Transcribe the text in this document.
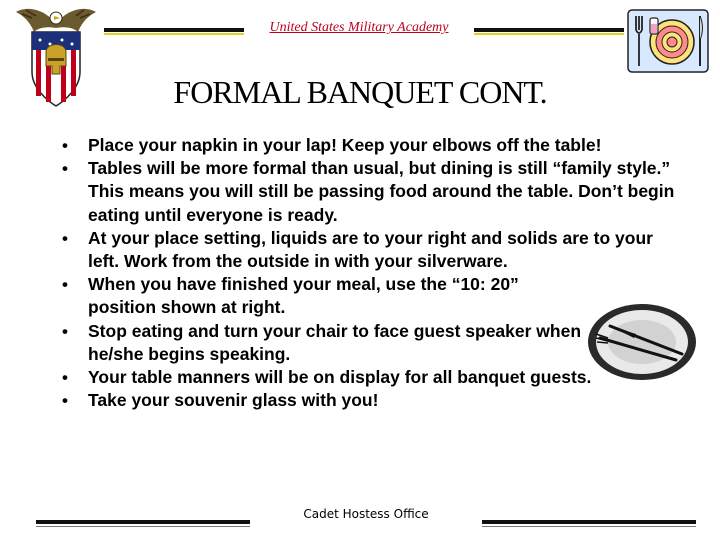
United States Military Academy
FORMAL BANQUET CONT.
• Place your napkin in your lap! Keep your elbows off the table!
• Tables will be more formal than usual, but dining is still “family style.” This means you will still be passing food around the table. Don’t begin eating until everyone is ready.
• At your place setting, liquids are to your right and solids are to your left. Work from the outside in with your silverware.
• When you have finished your meal, use the “10: 20” position shown at right.
• Stop eating and turn your chair to face guest speaker when he/she begins speaking.
• Your table manners will be on display for all banquet guests.
• Take your souvenir glass with you!
Cadet Hostess Office
